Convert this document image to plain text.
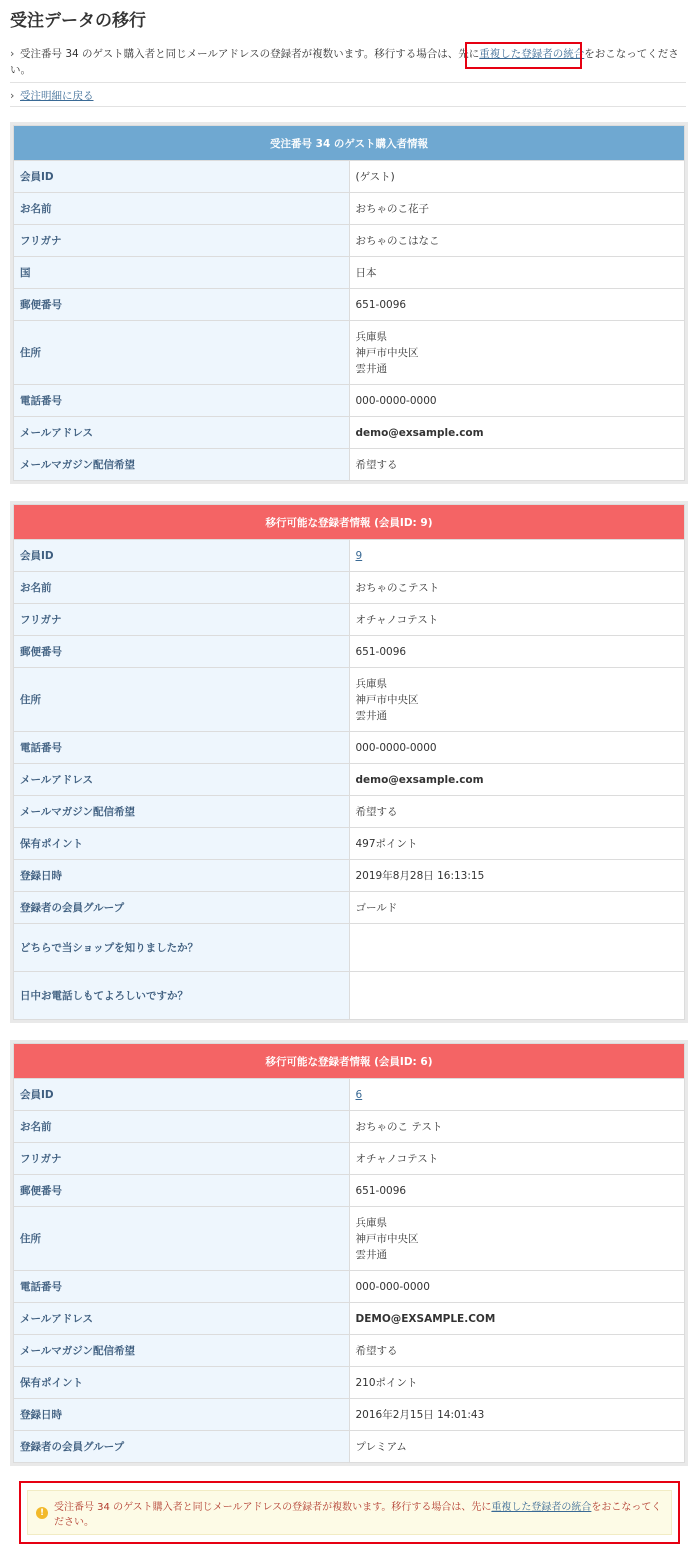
受注データの移行
› 受注番号 34 のゲスト購入者と同じメールアドレスの登録者が複数います。移行する場合は、先に重複した登録者の統合をおこなってください。
› 受注明細に戻る
受注番号 34 のゲスト購入者情報	
会員ID	(ゲスト)
お名前	おちゃのこ花子
フリガナ	おちゃのこはなこ
国	日本
郵便番号	651-0096
住所	兵庫県
神戸市中央区
雲井通

電話番号	000-0000-0000
メールアドレス	demo@exsample.com
メールマガジン配信希望	希望する
移行可能な登録者情報 (会員ID: 9)	
会員ID	9
お名前	おちゃのこテスト
フリガナ	オチャノコテスト
郵便番号	651-0096
住所	兵庫県
神戸市中央区
雲井通

電話番号	000-0000-0000
メールアドレス	demo@exsample.com
メールマガジン配信希望	希望する
保有ポイント	497ポイント
登録日時	2019年8月28日 16:13:15
登録者の会員グループ	ゴールド
どちらで当ショップを知りましたか？	
日中お電話しもてよろしいですか？	
移行可能な登録者情報 (会員ID: 6)	
会員ID	6
お名前	おちゃのこ テスト
フリガナ	オチャノコテスト
郵便番号	651-0096
住所	兵庫県
神戸市中央区
雲井通

電話番号	000-000-0000
メールアドレス	DEMO@EXSAMPLE.COM
メールマガジン配信希望	希望する
保有ポイント	210ポイント
登録日時	2016年2月15日 14:01:43
登録者の会員グループ	プレミアム
! 受注番号 34 のゲスト購入者と同じメールアドレスの登録者が複数います。移行する場合は、先に重複した登録者の統合をおこなってください。
